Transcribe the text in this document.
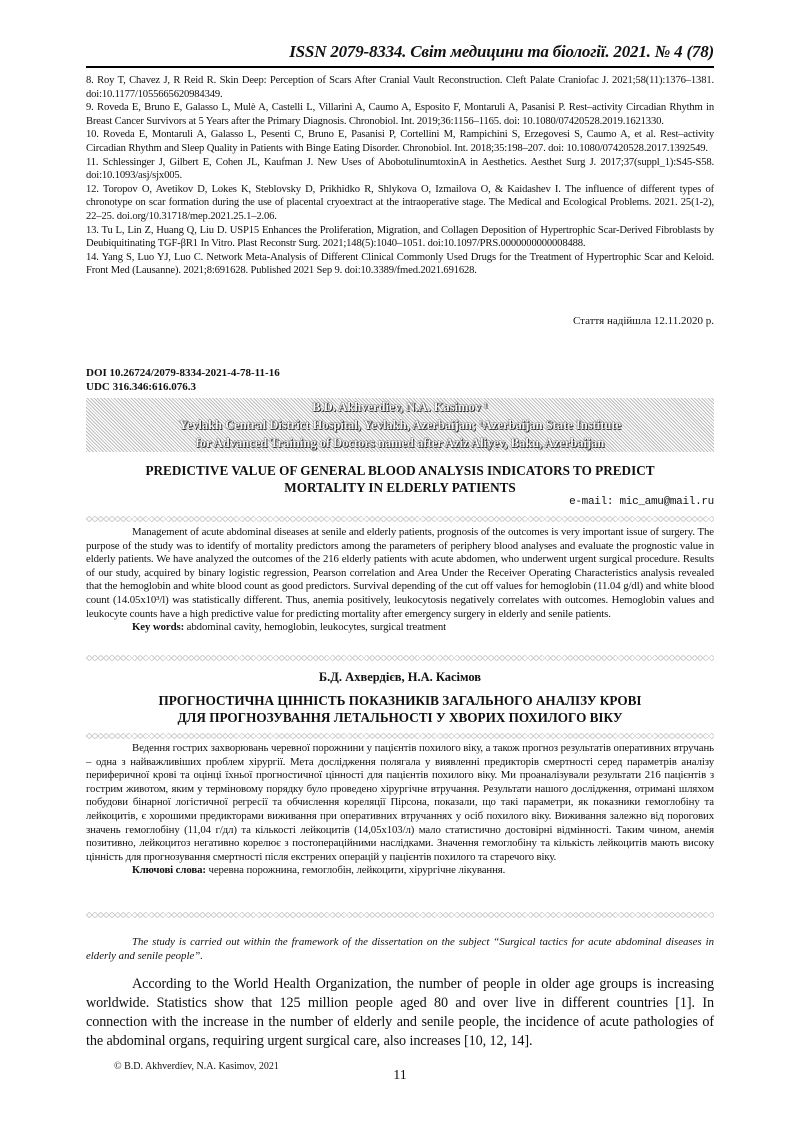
ISSN 2079-8334. Світ медицини та біології. 2021. № 4 (78)

8. Roy T, Chavez J, R Reid R. Skin Deep: Perception of Scars After Cranial Vault Reconstruction. Cleft Palate Craniofac J. 2021;58(11):1376–1381. doi:10.1177/1055665620984349.

9. Roveda E, Bruno E, Galasso L, Mulè A, Castelli L, Villarini A, Caumo A, Esposito F, Montaruli A, Pasanisi P. Rest–activity Circadian Rhythm in Breast Cancer Survivors at 5 Years after the Primary Diagnosis. Chronobiol. Int. 2019;36:1156–1165. doi: 10.1080/07420528.2019.1621330.

10. Roveda E, Montaruli A, Galasso L, Pesenti C, Bruno E, Pasanisi P, Cortellini M, Rampichini S, Erzegovesi S, Caumo A, et al. Rest–activity Circadian Rhythm and Sleep Quality in Patients with Binge Eating Disorder. Chronobiol. Int. 2018;35:198–207. doi: 10.1080/07420528.2017.1392549.

11. Schlessinger J, Gilbert E, Cohen JL, Kaufman J. New Uses of AbobotulinumtoxinA in Aesthetics. Aesthet Surg J. 2017;37(suppl_1):S45-S58. doi:10.1093/asj/sjx005.

12. Toropov O, Avetikov D, Lokes K, Steblovsky D, Prikhidko R, Shlykova O, Izmailova O, & Kaidashev I. The influence of different types of chronotype on scar formation during the use of placental cryoextract at the intraoperative stage. The Medical and Ecological Problems. 2021. 25(1-2), 22–25. doi.org/10.31718/mep.2021.25.1–2.06.

13. Tu L, Lin Z, Huang Q, Liu D. USP15 Enhances the Proliferation, Migration, and Collagen Deposition of Hypertrophic Scar-Derived Fibroblasts by Deubiquitinating TGF-βR1 In Vitro. Plast Reconstr Surg. 2021;148(5):1040–1051. doi:10.1097/PRS.0000000000008488.

14. Yang S, Luo YJ, Luo C. Network Meta-Analysis of Different Clinical Commonly Used Drugs for the Treatment of Hypertrophic Scar and Keloid. Front Med (Lausanne). 2021;8:691628. Published 2021 Sep 9. doi:10.3389/fmed.2021.691628.

Стаття надійшла 12.11.2020 р.
DOI 10.26724/2079-8334-2021-4-78-11-16
UDC 316.346:616.076.3
B.D. Akhverdiev, N.A. Kasimov ¹
Yevlakh Central District Hospital, Yevlakh, Azerbaijan; ¹Azerbaijan State Institute
for Advanced Training of Doctors named after Aziz Aliyev, Baku, Azerbaijan
PREDICTIVE VALUE OF GENERAL BLOOD ANALYSIS INDICATORS TO PREDICT
MORTALITY IN ELDERLY PATIENTS
e-mail: mic_amu@mail.ru

Management of acute abdominal diseases at senile and elderly patients, prognosis of the outcomes is very important issue of surgery. The purpose of the study was to identify of mortality predictors among the parameters of periphery blood analyses and evaluate the prognostic value in elderly patients. We have analyzed the outcomes of the 216 elderly patients with acute abdomen, who underwent urgent surgical procedure. Results of our study, acquired by binary logistic regression, Pearson correlation and Area Under the Receiver Operating Characteristics analysis revealed that the hemoglobin and white blood count as good predictors. Survival depending of the cut off values for hemoglobin (11.04 g/dl) and white blood count (14.05x10³/l) was statistically different. Thus, anemia positively, leukocytosis negatively correlates with outcomes. Hemoglobin values and leukocyte counts have a high predictive value for predicting mortality after emergency surgery in elderly and senile patients.

Key words: abdominal cavity, hemoglobin, leukocytes, surgical treatment
Б.Д. Ахвердієв, Н.А. Касімов
ПРОГНОСТИЧНА ЦІННІСТЬ ПОКАЗНИКІВ ЗАГАЛЬНОГО АНАЛІЗУ КРОВІ
ДЛЯ ПРОГНОЗУВАННЯ ЛЕТАЛЬНОСТІ У ХВОРИХ ПОХИЛОГО ВІКУ

Ведення гострих захворювань черевної порожнини у пацієнтів похилого віку, а також прогноз результатів оперативних втручань – одна з найважливіших проблем хірургії. Мета дослідження полягала у виявленні предикторів смертності серед параметрів аналізу периферичної крові та оцінці їхньої прогностичної цінності для пацієнтів похилого віку. Ми проаналізували результати 216 пацієнтів з гострим животом, яким у терміновому порядку було проведено хірургічне втручання. Результати нашого дослідження, отримані шляхом побудови бінарної логістичної регресії та обчислення кореляції Пірсона, показали, що такі параметри, як показники гемоглобіну та лейкоцитів, є хорошими предикторами виживання при оперативних втручаннях у осіб похилого віку. Виживання залежно від порогових значень гемоглобіну (11,04 г/дл) та кількості лейкоцитів (14,05х103/л) мало статистично достовірні відмінності. Таким чином, анемія позитивно, лейкоцитоз негативно корелює з постопераційними наслідками. Значення гемоглобіну та кількість лейкоцитів мають високу цінність для прогнозування смертності після екстрених операцій у пацієнтів похилого та старечого віку.

Ключові слова: черевна порожнина, гемоглобін, лейкоцити, хірургічне лікування.
The study is carried out within the framework of the dissertation on the subject “Surgical tactics for acute abdominal diseases in elderly and senile people”.

According to the World Health Organization, the number of people in older age groups is increasing worldwide. Statistics show that 125 million people aged 80 and over live in different countries [1]. In connection with the increase in the number of elderly and senile people, the incidence of acute pathologies of the abdominal organs, requiring urgent surgical care, also increases [10, 12, 14].

© B.D. Akhverdiev, N.A. Kasimov, 2021
11
